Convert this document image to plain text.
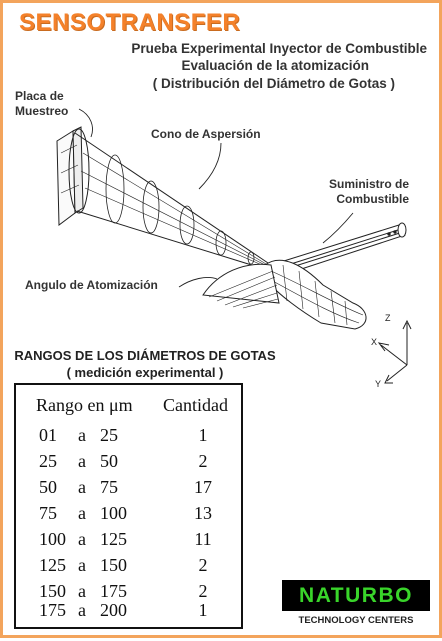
SENSOTRANSFER
Prueba Experimental Inyector de Combustible
Evaluación de la atomización
( Distribución del Diámetro de Gotas )
Z
X
Y
Placa de
Muestreo
Cono de Aspersión
Suministro de
Combustible
Angulo de Atomización
RANGOS DE LOS DIÁMETROS DE GOTAS
( medición experimental )
Rango en μm Cantidad
01	a 25	1
25	a 50	2
50	a 75	17
75	a 100	13
100 a 125	11
125 a 150	2
150 a 175	2
175 a 200	1
NATURBO
TECHNOLOGY CENTERS
